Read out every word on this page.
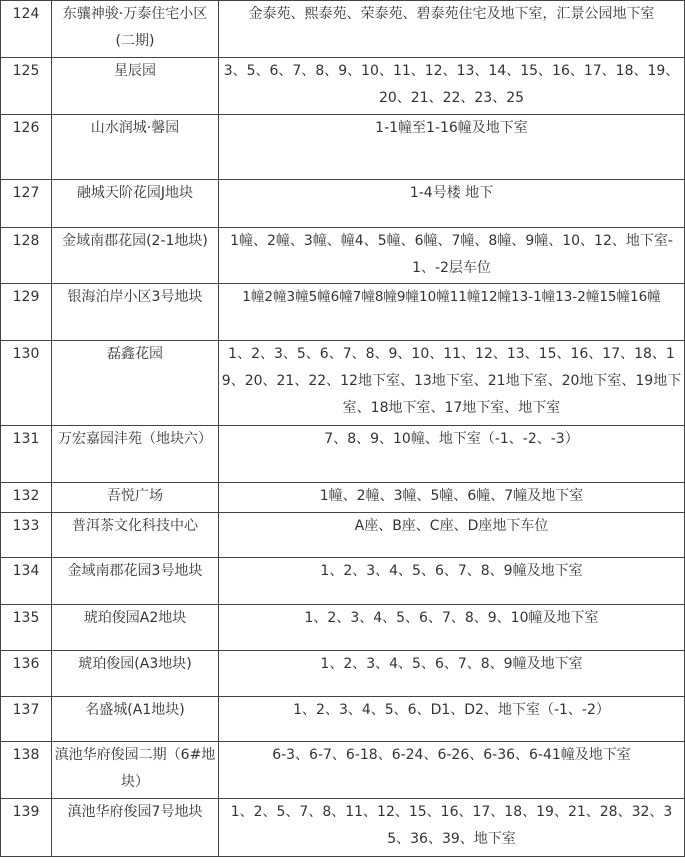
124	东骧神骏·万泰住宅小区(二期)	金泰苑、熙泰苑、荣泰苑、碧泰苑住宅及地下室，汇景公园地下室
125	星辰园	3、5、6、7、8、9、10、11、12、13、14、15、16、17、18、19、20、21、22、23、25
126	山水润城·馨园	1-1幢至1-16幢及地下室
127	融城天阶花园J地块	1-4号楼 地下
128	金域南郡花园(2-1地块)	1幢、2幢、3幢、幢4、5幢、6幢、7幢、8幢、9幢、10、12、地下室-1、-2层车位
129	银海泊岸小区3号地块	1幢2幢3幢5幢6幢7幢8幢9幢10幢11幢12幢13-1幢13-2幢15幢16幢
130	磊鑫花园	1、2、3、5、6、7、8、9、10、11、12、13、15、16、17、18、19、20、21、22、12地下室、13地下室、21地下室、20地下室、19地下室、18地下室、17地下室、地下室
131	万宏嘉园沣苑（地块六）	7、8、9、10幢、地下室（-1、-2、-3）
132	吾悦广场	1幢、2幢、3幢、5幢、6幢、7幢及地下室
133	普洱茶文化科技中心	A座、B座、C座、D座地下车位
134	金域南郡花园3号地块	1、2、3、4、5、6、7、8、9幢及地下室
135	琥珀俊园A2地块	1、2、3、4、5、6、7、8、9、10幢及地下室
136	琥珀俊园(A3地块)	1、2、3、4、5、6、7、8、9幢及地下室
137	名盛城(A1地块)	1、2、3、4、5、6、D1、D2、地下室（-1、-2）
138	滇池华府俊园二期（6#地块）	6-3、6-7、6-18、6-24、6-26、6-36、6-41幢及地下室
139	滇池华府俊园7号地块	1、2、5、7、8、11、12、15、16、17、18、19、21、28、32、35、36、39、地下室
